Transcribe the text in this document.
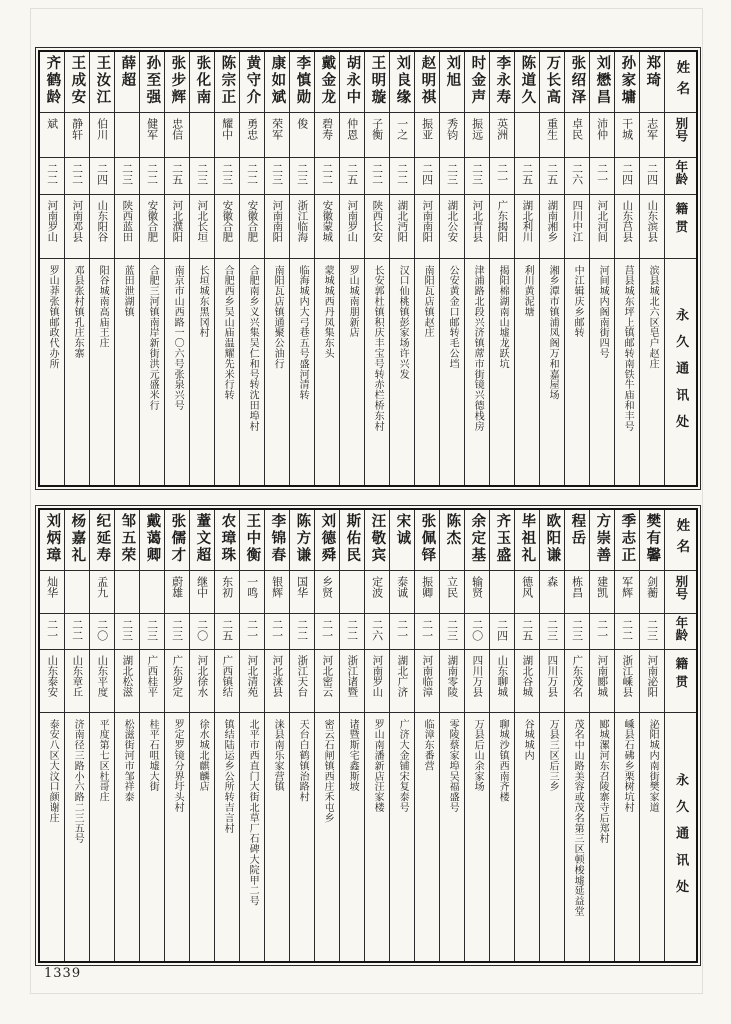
姓名
别号
年龄
籍贯
永久通讯处
郑琦
志军
二四
山东滨县
滨县城北六区皂户赵庄
孙家墉
干城
二四
山东莒县
莒县城东坪上镇邮转南铁牛庙和丰号
刘懋昌
沛仲
二一
河北河间
河间城内阁南街四号
张绍泽
卓民
二六
四川中江
中江辑庆乡邮转
万长高
重生
二五
湖南湘乡
湘乡潭市镇浦凤阁万和嘉屋场
陈道久
二五
湖北利川
利川黄泥塘
李永寿
英洲
二一
广东揭阳
揭阳棉湖南山墟龙跃坑
时金声
振远
二三
河北青县
津浦路北段兴济镇蓆市街镜兴德栈房
刘旭
秀钧
二三
湖北公安
公安黄金口邮转毛公垱
赵明祺
振亚
二四
河南南阳
南阳瓦店镇赵庄
刘良缘
一之
二二
湖北沔阳
汉口仙桃镇彭家场许兴发
王明璇
子衡
二二
陕西长安
长安郭杜镇积庆丰宝号转赤栏桥东村
胡永中
仲恩
二五
河南罗山
罗山城南朋新店
戴金龙
碧寿
二二
安徽蒙城
蒙城城西丹凤集东头
李慎勋
俊
二三
浙江临海
临海城内大弓巷五号盛河清转
康如斌
荣军
二三
河南南阳
南阳瓦店镇通聚公油行
黄守介
勇忠
二二
安徽合肥
合肥南乡义兴集吴仁和号转沈田埠村
陈宗正
耀中
二三
安徽合肥
合肥西乡吴山庙温耀先米行转
张化南
二三
河北长垣
长垣城东黑冈村
张步辉
忠信
二五
河北濮阳
南京市山西路一〇六号张泉兴号
孙至强
健军
二二
安徽合肥
合肥三河镇南岸新街洪元盛米行
薛超
二三
陕西蓝田
蓝田泄湖镇
王汝江
伯川
二四
山东阳谷
阳谷城南高庙王庄
王成安
静轩
二二
河南邓县
邓县张村镇孔庄东寨
齐鹤龄
斌
二二
河南罗山
罗山莽张镇邮政代办所
姓名
别号
年龄
籍贯
永久通讯处
樊有馨
剑蘅
二三
河南泌阳
泌阳城内南街樊家道
季志正
军辉
二二
浙江嵊县
嵊县石砩乡栗树坑村
方崇善
建凯
二一
河南郾城
郾城漯河东召陵寨寺后郑村
程岳
栋昌
二三
广东茂名
茂名中山路美容或茂名第三区顿梭墟延益堂
欧阳谦
森
二三
四川万县
万县三区后三乡
毕祖礼
德风
二五
湖北谷城
谷城城内
齐玉盛
二四
山东聊城
聊城沙镇西南齐楼
余定基
输贤
二〇
四川万县
万县后山余家场
陈杰
立民
二三
湖南零陵
零陵蔡家埠吴福盛号
张佩铎
振卿
二一
河南临漳
临漳东番营
宋诚
泰诚
二一
湖北广济
广济大金铺宋复泰号
汪敬宾
定波
二六
河南罗山
罗山南潘新店汪家楼
斯佑民
二二
浙江诸暨
诸暨斯宅鑫斯坡
刘德舜
乡贤
二一
河北密云
密云石闸镇西庄禾屯乡
陈方谦
国华
二二
浙江天台
天台白鹤镇治路村
李锦春
银辉
二一
河北涞县
涞县南乐家营镇
王中衡
一鸣
二一
河北清苑
北平市西直门大街北草厂石碑大院甲二号
农璋珠
东初
二五
广西镇结
镇结陆运乡公所转吉言村
蕫文超
继中
二〇
河北徐水
徐水城北麒麟店
张儒才
蔚雄
二三
广东罗定
罗定罗镜分界圩头村
戴蔼卿
二三
广西桂平
桂平石咀墟大街
邹五荣
二三
湖北松滋
松滋街河市邹祥泰
纪延寿
孟九
二〇
山东平度
平度第七区杜哥庄
杨嘉礼
二二
山东章丘
济南径三路小六路二三五号
刘炳璋
灿华
二一
山东泰安
泰安八区大汶口颜谢庄
1339
